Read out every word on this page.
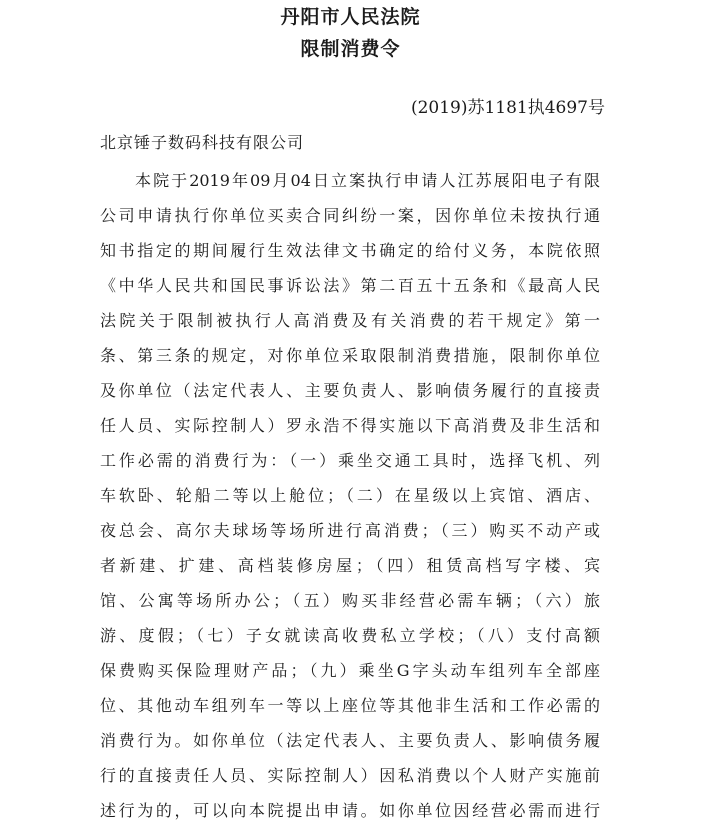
丹阳市人民法院
限制消费令
(2019)苏1181执4697号
北京锤子数码科技有限公司
本院于2019年09月04日立案执行申请人江苏展阳电子有限
公司申请执行你单位买卖合同纠纷一案，因你单位未按执行通
知书指定的期间履行生效法律文书确定的给付义务，本院依照
《中华人民共和国民事诉讼法》第二百五十五条和《最高人民
法院关于限制被执行人高消费及有关消费的若干规定》第一
条、第三条的规定，对你单位采取限制消费措施，限制你单位
及你单位（法定代表人、主要负责人、影响债务履行的直接责
任人员、实际控制人）罗永浩不得实施以下高消费及非生活和
工作必需的消费行为：（一）乘坐交通工具时，选择飞机、列
车软卧、轮船二等以上舱位；（二）在星级以上宾馆、酒店、
夜总会、高尔夫球场等场所进行高消费；（三）购买不动产或
者新建、扩建、高档装修房屋；（四）租赁高档写字楼、宾
馆、公寓等场所办公；（五）购买非经营必需车辆；（六）旅
游、度假；（七）子女就读高收费私立学校；（八）支付高额
保费购买保险理财产品；（九）乘坐G字头动车组列车全部座
位、其他动车组列车一等以上座位等其他非生活和工作必需的
消费行为。如你单位（法定代表人、主要负责人、影响债务履
行的直接责任人员、实际控制人）因私消费以个人财产实施前
述行为的，可以向本院提出申请。如你单位因经营必需而进行
